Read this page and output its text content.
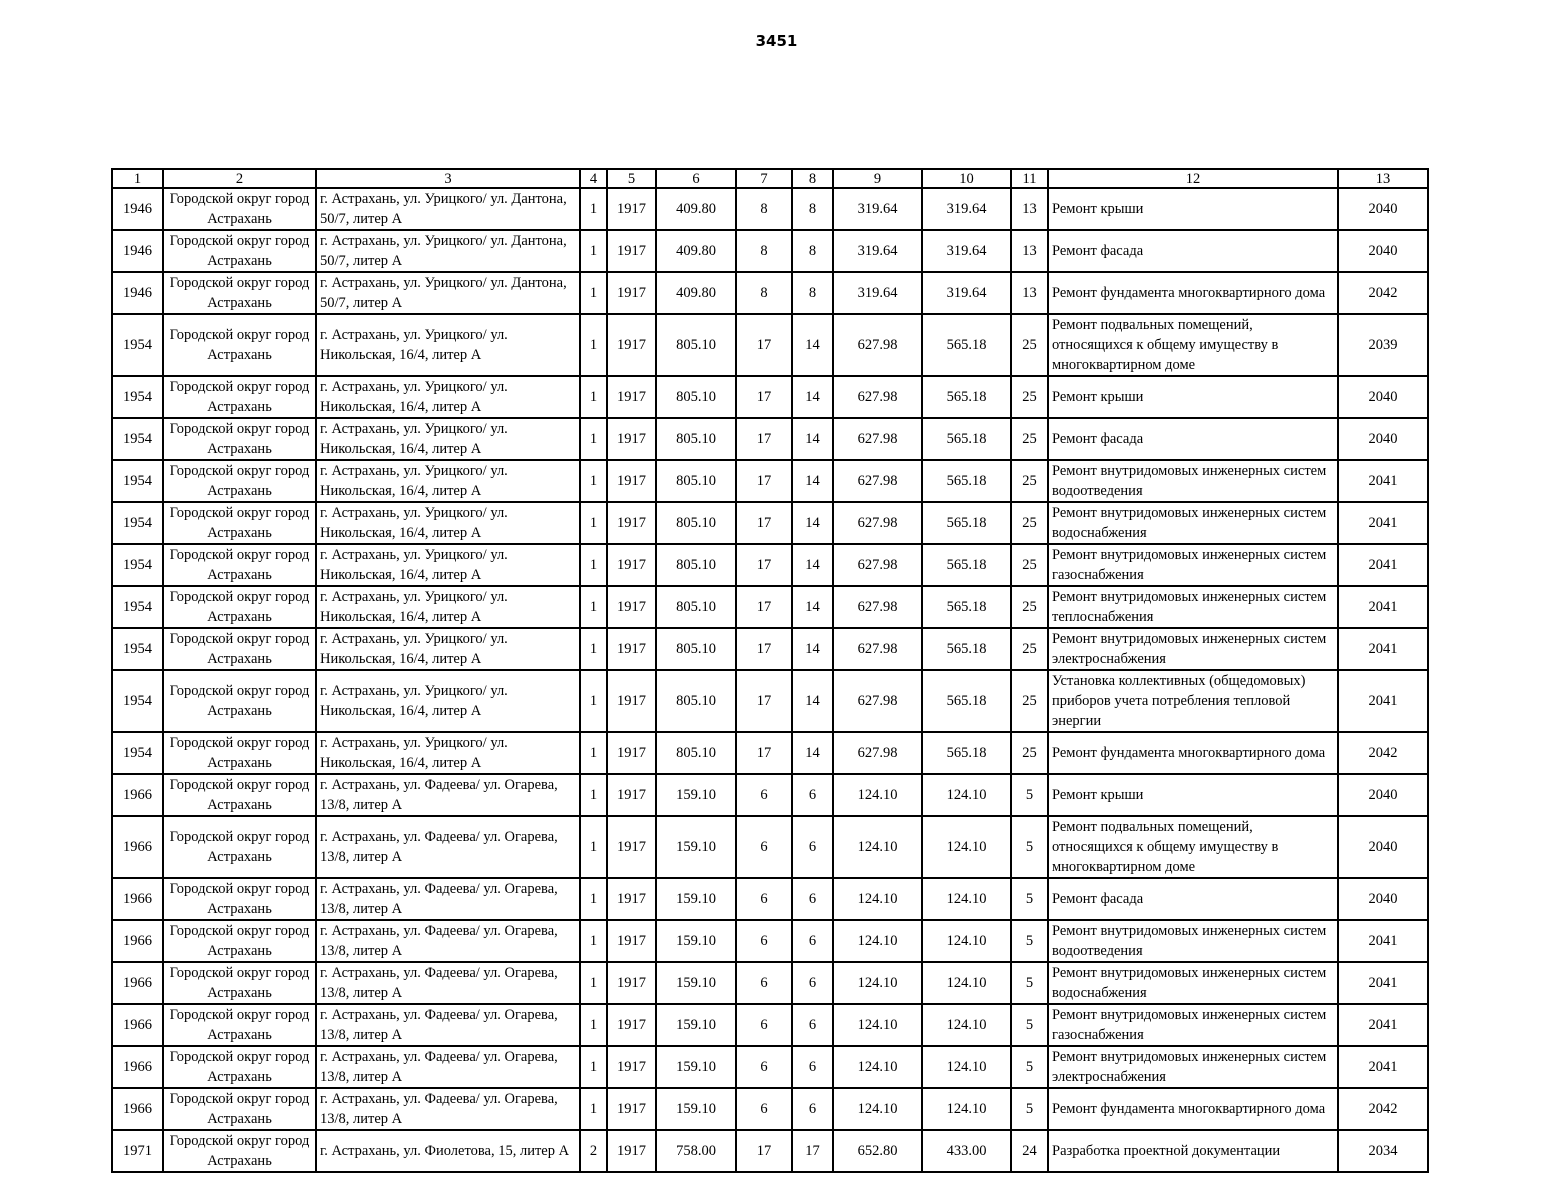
3451
1	2	3	4	5	6	7	8	9	10	11	12	13
1946	Городской округ город Астрахань	г. Астрахань, ул. Урицкого/ ул. Дантона, 50/7, литер А	1	1917	409.80	8	8	319.64	319.64	13	Ремонт крыши	2040
1946	Городской округ город Астрахань	г. Астрахань, ул. Урицкого/ ул. Дантона, 50/7, литер А	1	1917	409.80	8	8	319.64	319.64	13	Ремонт фасада	2040
1946	Городской округ город Астрахань	г. Астрахань, ул. Урицкого/ ул. Дантона, 50/7, литер А	1	1917	409.80	8	8	319.64	319.64	13	Ремонт фундамента многоквартирного дома	2042
1954	Городской округ город Астрахань	г. Астрахань, ул. Урицкого/ ул. Никольская, 16/4, литер А	1	1917	805.10	17	14	627.98	565.18	25	Ремонт подвальных помещений, относящихся к общему имуществу в многоквартирном доме	2039
1954	Городской округ город Астрахань	г. Астрахань, ул. Урицкого/ ул. Никольская, 16/4, литер А	1	1917	805.10	17	14	627.98	565.18	25	Ремонт крыши	2040
1954	Городской округ город Астрахань	г. Астрахань, ул. Урицкого/ ул. Никольская, 16/4, литер А	1	1917	805.10	17	14	627.98	565.18	25	Ремонт фасада	2040
1954	Городской округ город Астрахань	г. Астрахань, ул. Урицкого/ ул. Никольская, 16/4, литер А	1	1917	805.10	17	14	627.98	565.18	25	Ремонт внутридомовых инженерных систем водоотведения	2041
1954	Городской округ город Астрахань	г. Астрахань, ул. Урицкого/ ул. Никольская, 16/4, литер А	1	1917	805.10	17	14	627.98	565.18	25	Ремонт внутридомовых инженерных систем водоснабжения	2041
1954	Городской округ город Астрахань	г. Астрахань, ул. Урицкого/ ул. Никольская, 16/4, литер А	1	1917	805.10	17	14	627.98	565.18	25	Ремонт внутридомовых инженерных систем газоснабжения	2041
1954	Городской округ город Астрахань	г. Астрахань, ул. Урицкого/ ул. Никольская, 16/4, литер А	1	1917	805.10	17	14	627.98	565.18	25	Ремонт внутридомовых инженерных систем теплоснабжения	2041
1954	Городской округ город Астрахань	г. Астрахань, ул. Урицкого/ ул. Никольская, 16/4, литер А	1	1917	805.10	17	14	627.98	565.18	25	Ремонт внутридомовых инженерных систем электроснабжения	2041
1954	Городской округ город Астрахань	г. Астрахань, ул. Урицкого/ ул. Никольская, 16/4, литер А	1	1917	805.10	17	14	627.98	565.18	25	Установка коллективных (общедомовых) приборов учета потребления тепловой энергии	2041
1954	Городской округ город Астрахань	г. Астрахань, ул. Урицкого/ ул. Никольская, 16/4, литер А	1	1917	805.10	17	14	627.98	565.18	25	Ремонт фундамента многоквартирного дома	2042
1966	Городской округ город Астрахань	г. Астрахань, ул. Фадеева/ ул. Огарева, 13/8, литер А	1	1917	159.10	6	6	124.10	124.10	5	Ремонт крыши	2040
1966	Городской округ город Астрахань	г. Астрахань, ул. Фадеева/ ул. Огарева, 13/8, литер А	1	1917	159.10	6	6	124.10	124.10	5	Ремонт подвальных помещений, относящихся к общему имуществу в многоквартирном доме	2040
1966	Городской округ город Астрахань	г. Астрахань, ул. Фадеева/ ул. Огарева, 13/8, литер А	1	1917	159.10	6	6	124.10	124.10	5	Ремонт фасада	2040
1966	Городской округ город Астрахань	г. Астрахань, ул. Фадеева/ ул. Огарева, 13/8, литер А	1	1917	159.10	6	6	124.10	124.10	5	Ремонт внутридомовых инженерных систем водоотведения	2041
1966	Городской округ город Астрахань	г. Астрахань, ул. Фадеева/ ул. Огарева, 13/8, литер А	1	1917	159.10	6	6	124.10	124.10	5	Ремонт внутридомовых инженерных систем водоснабжения	2041
1966	Городской округ город Астрахань	г. Астрахань, ул. Фадеева/ ул. Огарева, 13/8, литер А	1	1917	159.10	6	6	124.10	124.10	5	Ремонт внутридомовых инженерных систем газоснабжения	2041
1966	Городской округ город Астрахань	г. Астрахань, ул. Фадеева/ ул. Огарева, 13/8, литер А	1	1917	159.10	6	6	124.10	124.10	5	Ремонт внутридомовых инженерных систем электроснабжения	2041
1966	Городской округ город Астрахань	г. Астрахань, ул. Фадеева/ ул. Огарева, 13/8, литер А	1	1917	159.10	6	6	124.10	124.10	5	Ремонт фундамента многоквартирного дома	2042
1971	Городской округ город Астрахань	г. Астрахань, ул. Фиолетова, 15, литер А	2	1917	758.00	17	17	652.80	433.00	24	Разработка проектной документации	2034
